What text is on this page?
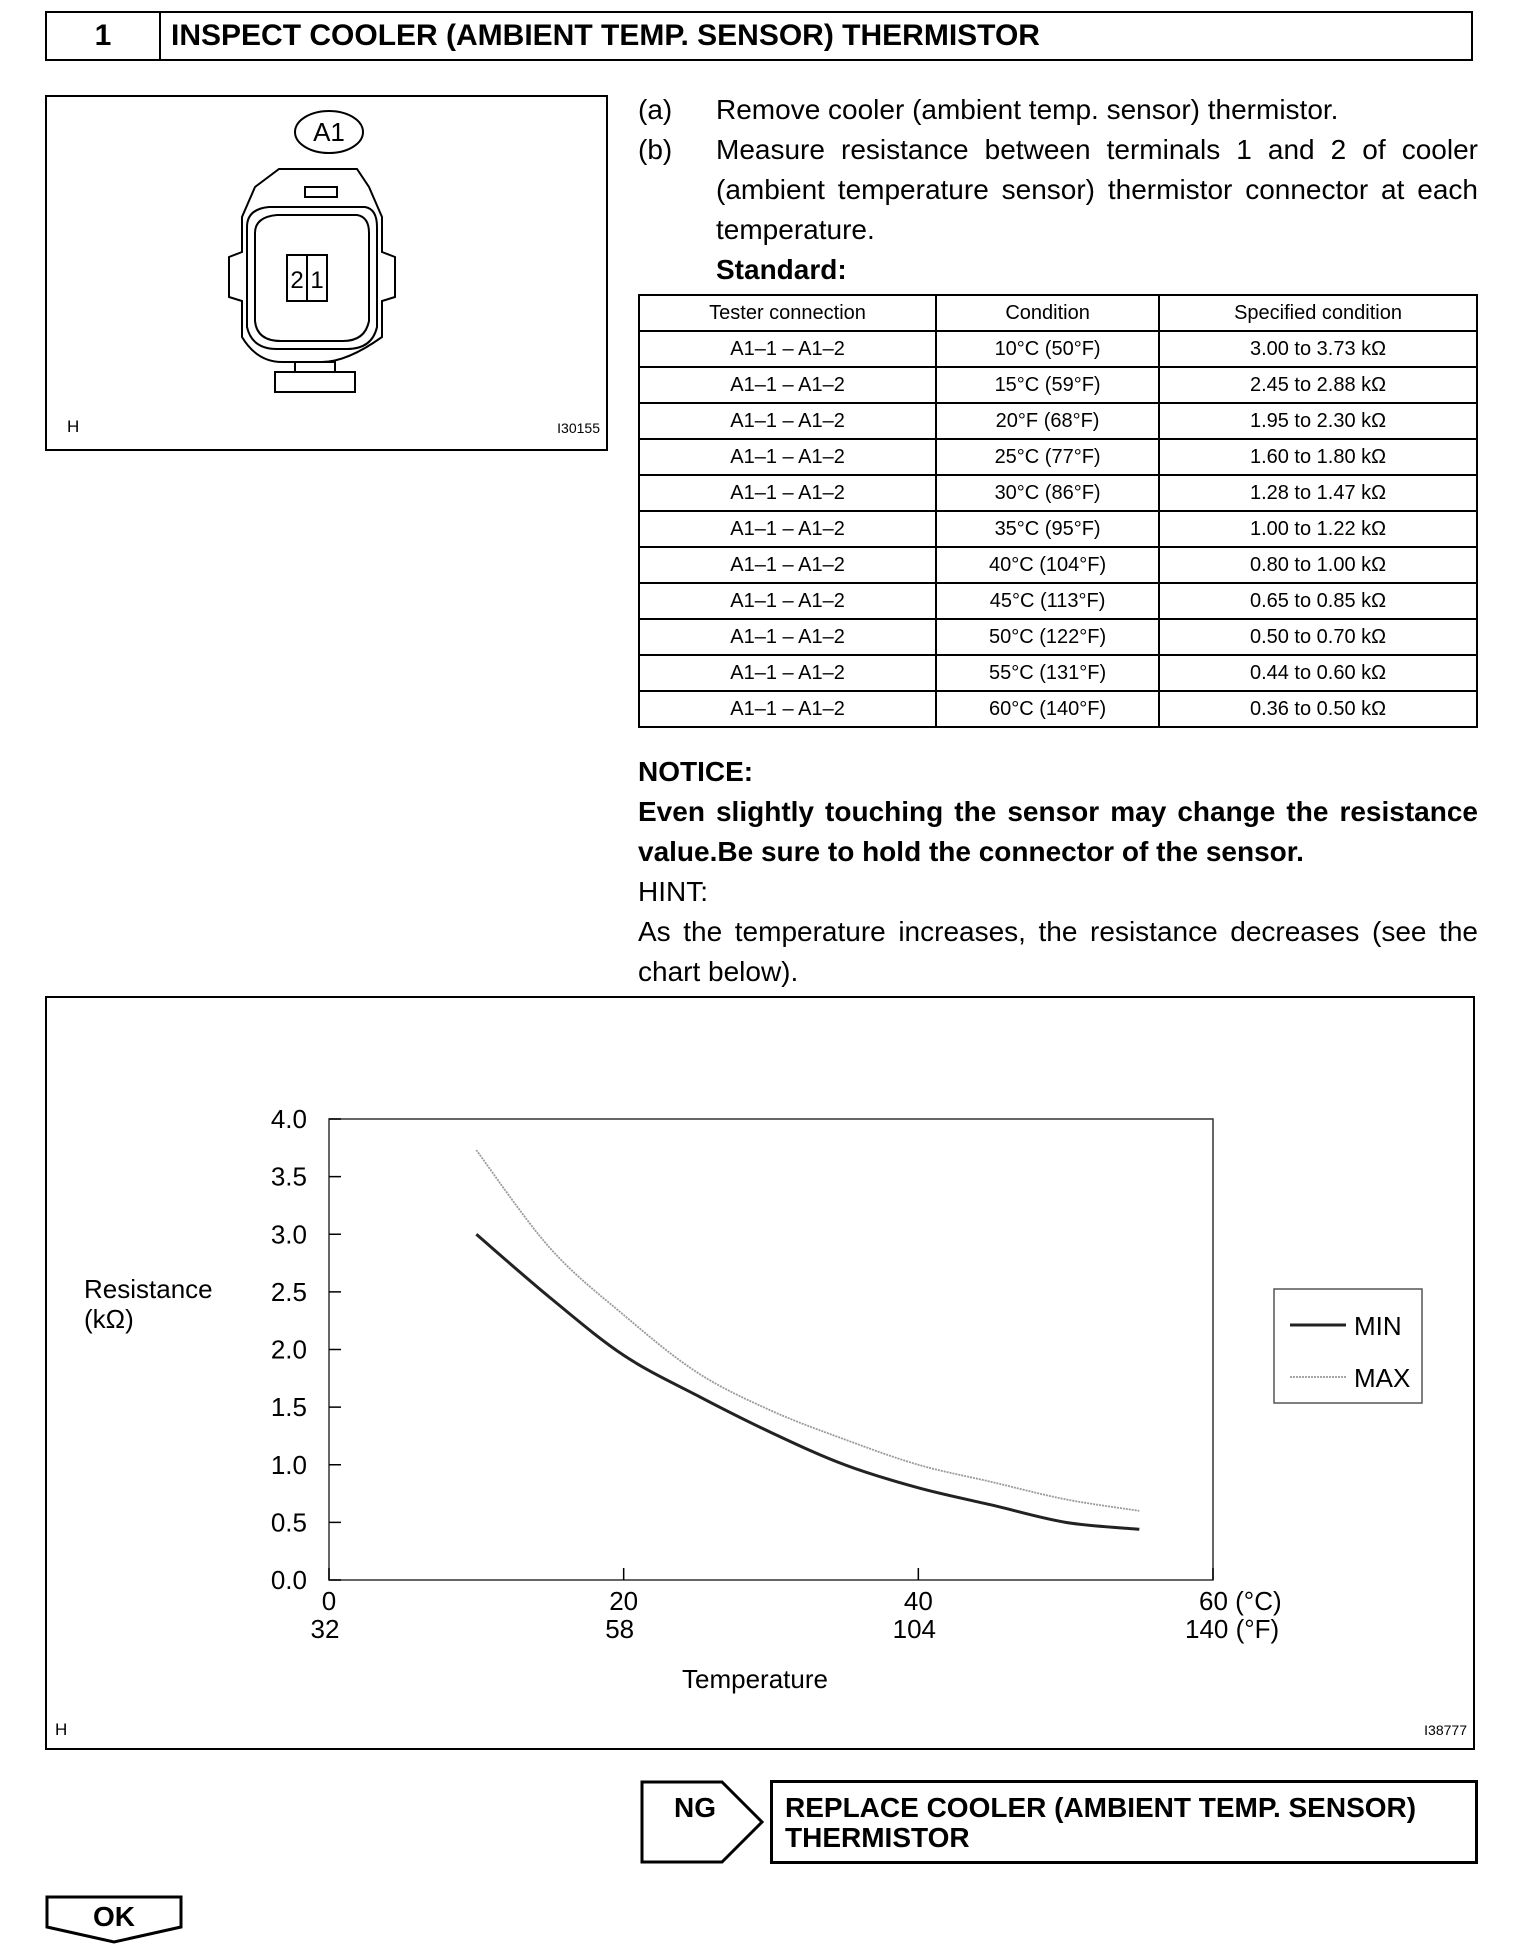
1	INSPECT COOLER (AMBIENT TEMP. SENSOR) THERMISTOR
A1
2 1
H	I30155
(a) Remove cooler (ambient temp. sensor) thermistor.
(b) Measure resistance between terminals 1 and 2 of cooler (ambient temperature sensor) thermistor connector at each temperature.
Standard:
Tester connection	Condition	Specified condition
A1–1 – A1–2	10°C (50°F)	3.00 to 3.73 kΩ
A1–1 – A1–2	15°C (59°F)	2.45 to 2.88 kΩ
A1–1 – A1–2	20°F (68°F)	1.95 to 2.30 kΩ
A1–1 – A1–2	25°C (77°F)	1.60 to 1.80 kΩ
A1–1 – A1–2	30°C (86°F)	1.28 to 1.47 kΩ
A1–1 – A1–2	35°C (95°F)	1.00 to 1.22 kΩ
A1–1 – A1–2	40°C (104°F)	0.80 to 1.00 kΩ
A1–1 – A1–2	45°C (113°F)	0.65 to 0.85 kΩ
A1–1 – A1–2	50°C (122°F)	0.50 to 0.70 kΩ
A1–1 – A1–2	55°C (131°F)	0.44 to 0.60 kΩ
A1–1 – A1–2	60°C (140°F)	0.36 to 0.50 kΩ
NOTICE:
Even slightly touching the sensor may change the resistance value.Be sure to hold the connector of the sensor.
HINT:
As the temperature increases, the resistance decreases (see the chart below).
0.0
0.5
1.0
1.5
2.0
2.5
3.0
3.5
4.0
0
32
20
58
40
104
60 (°C)
140 (°F)
Temperature
Resistance
(kΩ)	MIN
MAX
H	I38777
NG REPLACE COOLER (AMBIENT TEMP. SENSOR)
THERMISTOR
OK
